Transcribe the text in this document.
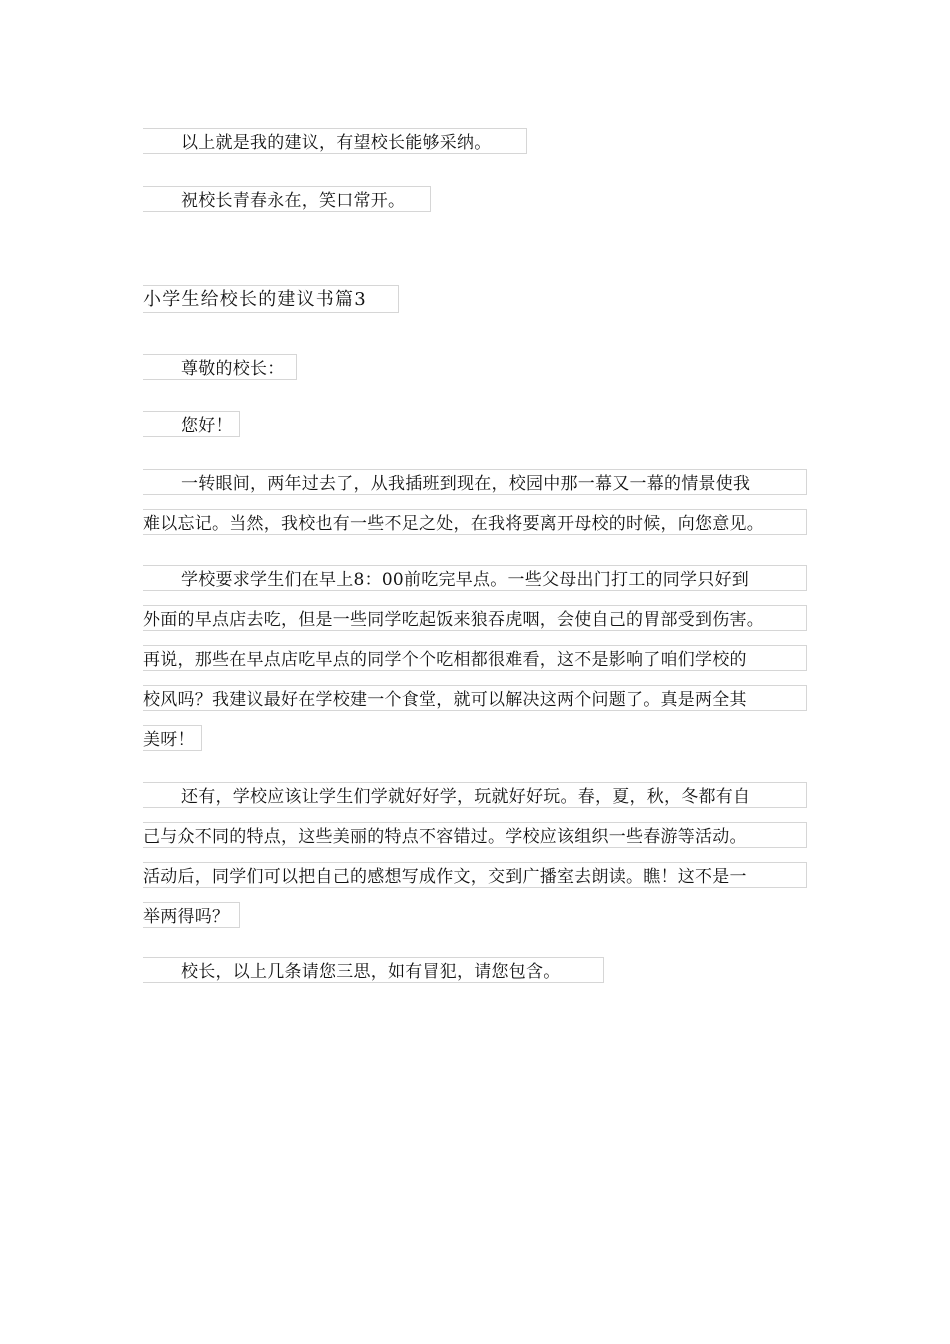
以上就是我的建议，有望校长能够采纳。

祝校长青春永在，笑口常开。

小学生给校长的建议书篇3

尊敬的校长：

您好！

一转眼间，两年过去了，从我插班到现在，校园中那一幕又一幕的情景使我
难以忘记。当然，我校也有一些不足之处，在我将要离开母校的时候，向您意见。

学校要求学生们在早上8：00前吃完早点。一些父母出门打工的同学只好到
外面的早点店去吃，但是一些同学吃起饭来狼吞虎咽，会使自己的胃部受到伤害。
再说，那些在早点店吃早点的同学个个吃相都很难看，这不是影响了咱们学校的
校风吗？我建议最好在学校建一个食堂，就可以解决这两个问题了。真是两全其
美呀！

还有，学校应该让学生们学就好好学，玩就好好玩。春，夏，秋，冬都有自
己与众不同的特点，这些美丽的特点不容错过。学校应该组织一些春游等活动。
活动后，同学们可以把自己的感想写成作文，交到广播室去朗读。瞧！这不是一
举两得吗？

校长，以上几条请您三思，如有冒犯，请您包含。
